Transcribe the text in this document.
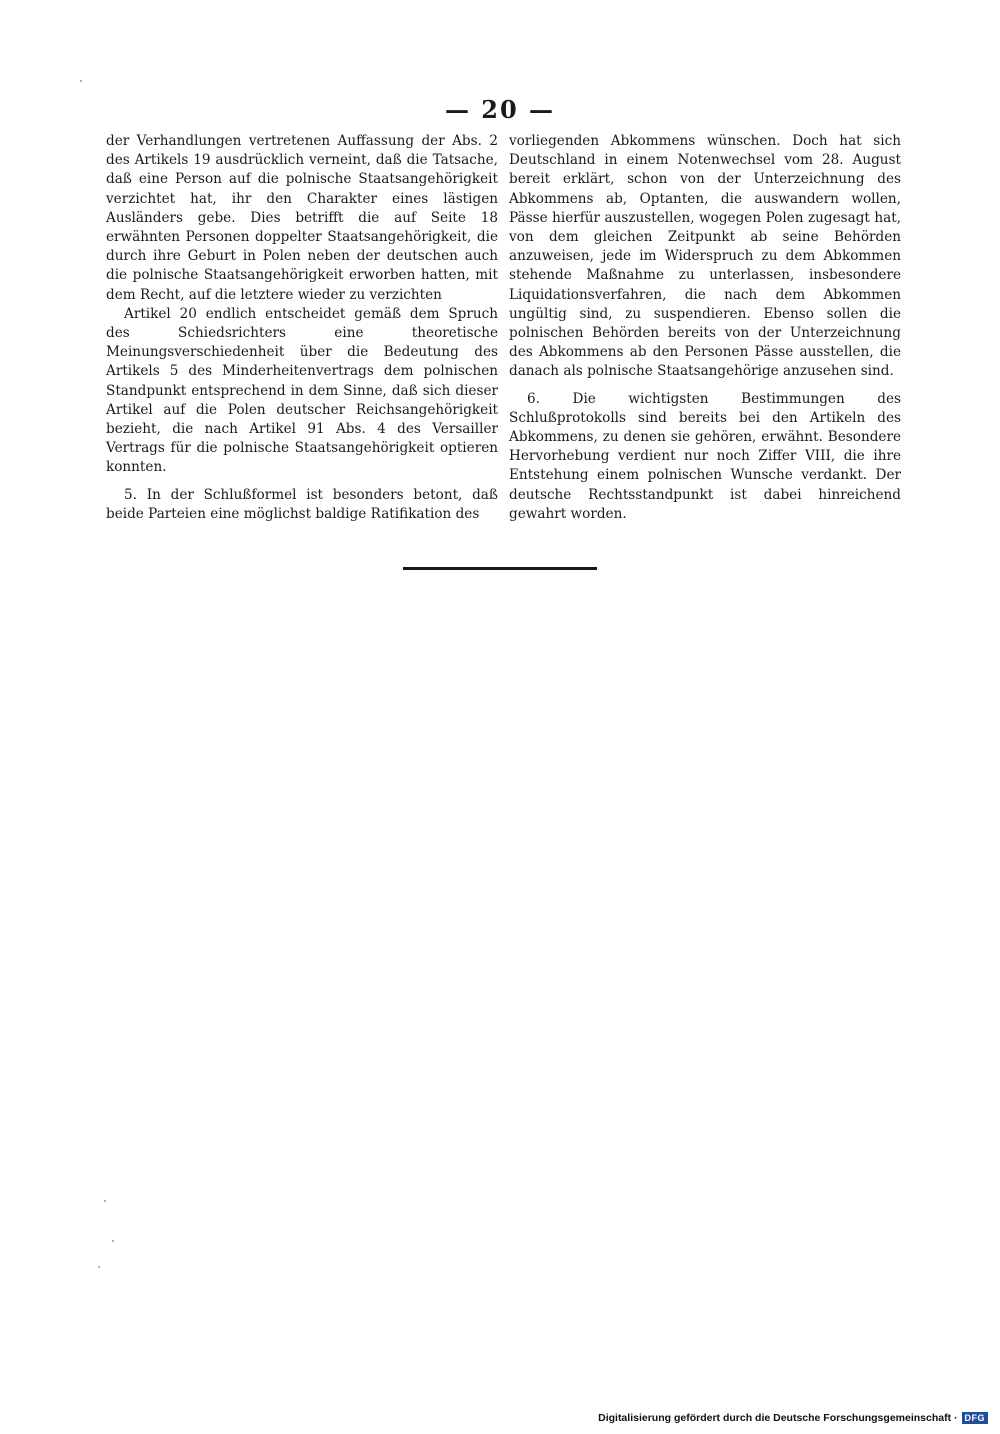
— 20 —

der Verhandlungen vertretenen Auffassung der Abs. 2 des Artikels 19 ausdrücklich verneint, daß die Tatsache, daß eine Person auf die polnische Staatsangehörigkeit verzichtet hat, ihr den Charakter eines lästigen Ausländers gebe. Dies betrifft die auf Seite 18 erwähnten Personen doppelter Staatsangehörigkeit, die durch ihre Geburt in Polen neben der deutschen auch die polnische Staatsangehörigkeit erworben hatten, mit dem Recht, auf die letztere wieder zu verzichten

Artikel 20 endlich entscheidet gemäß dem Spruch des Schiedsrichters eine theoretische Meinungsverschiedenheit über die Bedeutung des Artikels 5 des Minderheitenvertrags dem polnischen Standpunkt entsprechend in dem Sinne, daß sich dieser Artikel auf die Polen deutscher Reichsangehörigkeit bezieht, die nach Artikel 91 Abs. 4 des Versailler Vertrags für die polnische Staatsangehörigkeit optieren konnten.

5. In der Schlußformel ist besonders betont, daß beide Parteien eine möglichst baldige Ratifikation des

vorliegenden Abkommens wünschen. Doch hat sich Deutschland in einem Notenwechsel vom 28. August bereit erklärt, schon von der Unterzeichnung des Abkommens ab, Optanten, die auswandern wollen, Pässe hierfür auszustellen, wogegen Polen zugesagt hat, von dem gleichen Zeitpunkt ab seine Behörden anzuweisen, jede im Widerspruch zu dem Abkommen stehende Maßnahme zu unterlassen, insbesondere Liquidationsverfahren, die nach dem Abkommen ungültig sind, zu suspendieren. Ebenso sollen die polnischen Behörden bereits von der Unterzeichnung des Abkommens ab den Personen Pässe ausstellen, die danach als polnische Staatsangehörige anzusehen sind.

6. Die wichtigsten Bestimmungen des Schlußprotokolls sind bereits bei den Artikeln des Abkommens, zu denen sie gehören, erwähnt. Besondere Hervorhebung verdient nur noch Ziffer VIII, die ihre Entstehung einem polnischen Wunsche verdankt. Der deutsche Rechtsstandpunkt ist dabei hinreichend gewahrt worden.

Digitalisierung gefördert durch die Deutsche Forschungsgemeinschaft · DFG
